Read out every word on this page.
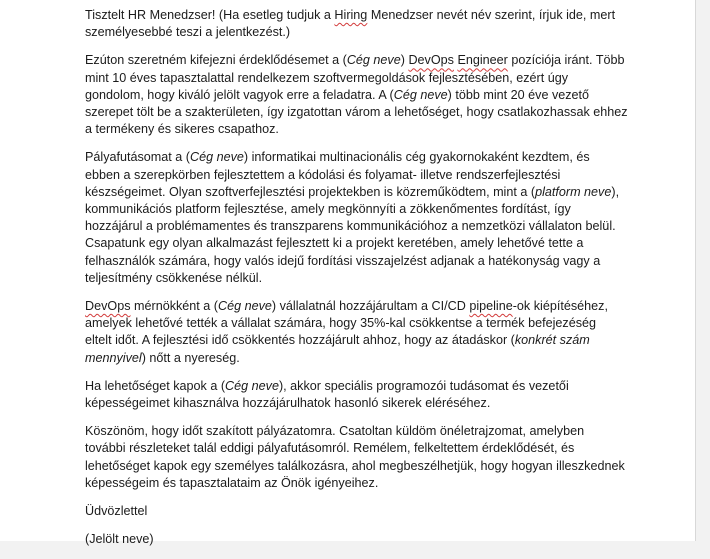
Tisztelt HR Menedzser! (Ha esetleg tudjuk a Hiring Menedzser nevét név szerint, írjuk ide, mert
személyesebbé teszi a jelentkezést.)

Ezúton szeretném kifejezni érdeklődésemet a (Cég neve) DevOps Engineer pozíciója iránt. Több
mint 10 éves tapasztalattal rendelkezem szoftvermegoldások fejlesztésében, ezért úgy
gondolom, hogy kiváló jelölt vagyok erre a feladatra. A (Cég neve) több mint 20 éve vezető
szerepet tölt be a szakterületen, így izgatottan várom a lehetőséget, hogy csatlakozhassak ehhez
a termékeny és sikeres csapathoz.

Pályafutásomat a (Cég neve) informatikai multinacionális cég gyakornokaként kezdtem, és
ebben a szerepkörben fejlesztettem a kódolási és folyamat- illetve rendszerfejlesztési
készségeimet. Olyan szoftverfejlesztési projektekben is közreműködtem, mint a (platform neve),
kommunikációs platform fejlesztése, amely megkönnyíti a zökkenőmentes fordítást, így
hozzájárul a problémamentes és transzparens kommunikációhoz a nemzetközi vállalaton belül.
Csapatunk egy olyan alkalmazást fejlesztett ki a projekt keretében, amely lehetővé tette a
felhasználók számára, hogy valós idejű fordítási visszajelzést adjanak a hatékonyság vagy a
teljesítmény csökkenése nélkül.

DevOps mérnökként a (Cég neve) vállalatnál hozzájárultam a CI/CD pipeline-ok kiépítéséhez,
amelyek lehetővé tették a vállalat számára, hogy 35%-kal csökkentse a termék befejezéség
eltelt időt. A fejlesztési idő csökkentés hozzájárult ahhoz, hogy az átadáskor (konkrét szám
mennyivel) nőtt a nyereség.

Ha lehetőséget kapok a (Cég neve), akkor speciális programozói tudásomat és vezetői
képességeimet kihasználva hozzájárulhatok hasonló sikerek eléréséhez.

Köszönöm, hogy időt szakított pályázatomra. Csatoltan küldöm önéletrajzomat, amelyben
további részleteket talál eddigi pályafutásomról. Remélem, felkeltettem érdeklődését, és
lehetőséget kapok egy személyes találkozásra, ahol megbeszélhetjük, hogy hogyan illeszkednek
képességeim és tapasztalataim az Önök igényeihez.

Üdvözlettel

(Jelölt neve)
